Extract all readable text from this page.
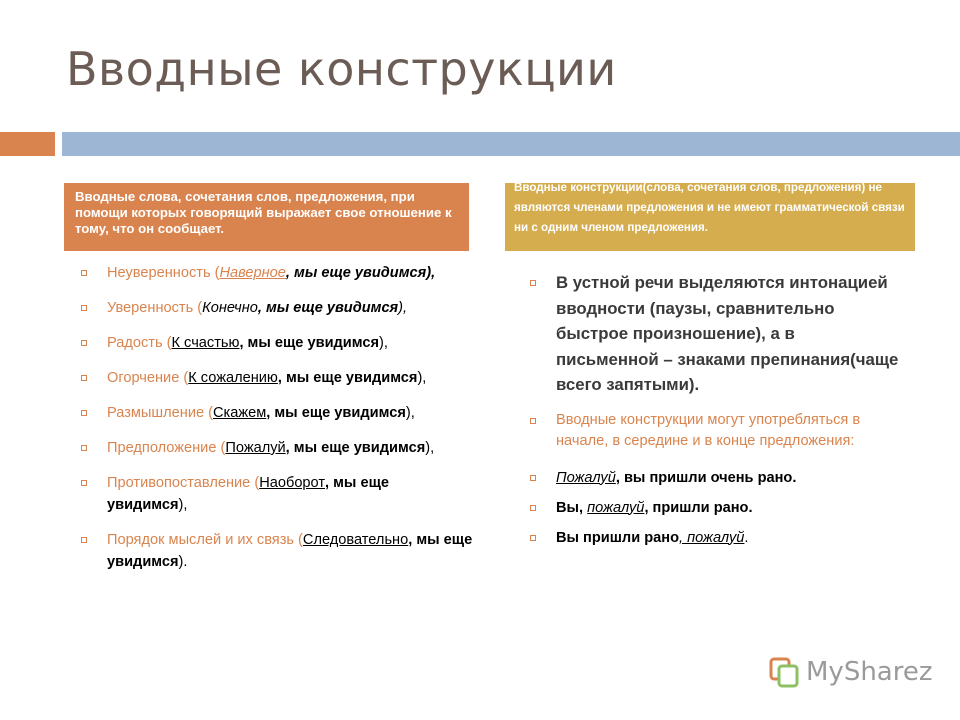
Вводные конструкции
Вводные слова, сочетания слов, предложения, при помощи которых говорящий выражает свое отношение к тому, что он сообщает.
Вводные конструкции(слова, сочетания слов, предложения) не являются членами предложения и не имеют грамматической связи ни с одним членом предложения.
Неуверенность (Наверное, мы еще увидимся),
Уверенность (Конечно, мы еще увидимся),
Радость (К счастью, мы еще увидимся),
Огорчение (К сожалению, мы еще увидимся),
Размышление (Скажем, мы еще увидимся),
Предположение (Пожалуй, мы еще увидимся),
Противопоставление (Наоборот, мы еще увидимся),
Порядок мыслей и их связь (Следовательно, мы еще увидимся).
В устной речи выделяются интонацией вводности (паузы, сравнительно быстрое произношение), а в письменной – знаками препинания(чаще всего запятыми).
Вводные конструкции могут употребляться в начале, в середине и в конце предложения:
Пожалуй, вы пришли очень рано.
Вы, пожалуй, пришли рано.
Вы пришли рано, пожалуй.
MySharez
